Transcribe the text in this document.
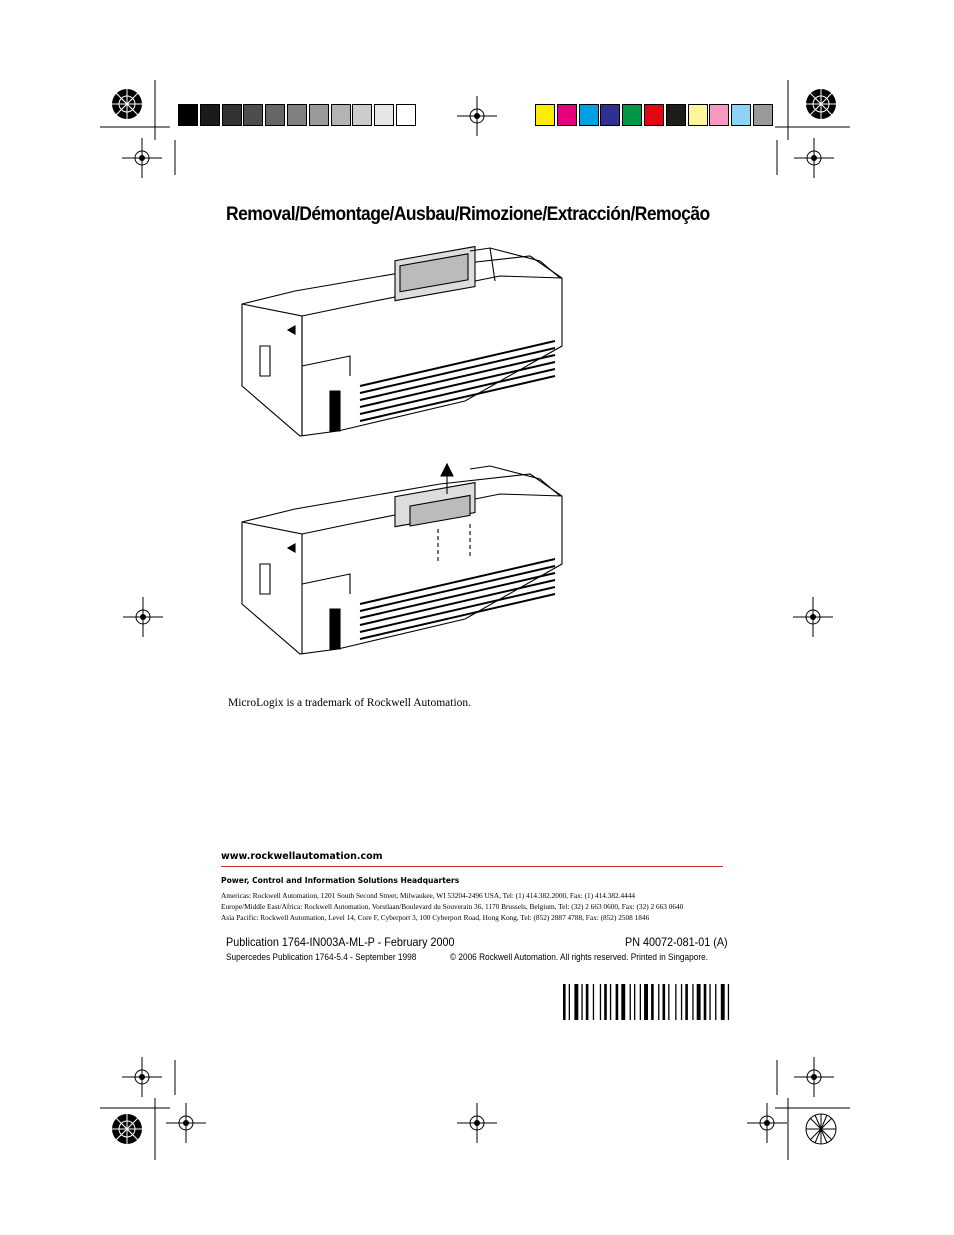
Removal/Démontage/Ausbau/Rimozione/Extracción/Remoção
MicroLogix is a trademark of Rockwell Automation.
www.rockwellautomation.com
Power, Control and Information Solutions Headquarters
Americas: Rockwell Automation, 1201 South Second Street, Milwaukee, WI 53204-2496 USA, Tel: (1) 414.382.2000, Fax: (1) 414.382.4444
Europe/Middle East/Africa: Rockwell Automation, Vorstlaan/Boulevard du Souverain 36, 1170 Brussels, Belgium, Tel: (32) 2 663 0600, Fax: (32) 2 663 0640
Asia Pacific: Rockwell Automation, Level 14, Core F, Cyberport 3, 100 Cyberport Road, Hong Kong, Tel: (852) 2887 4788, Fax: (852) 2508 1846
Publication 1764-IN003A-ML-P - February 2000	PN 40072-081-01 (A)
Supercedes Publication 1764-5.4 - September 1998	© 2006 Rockwell Automation. All rights reserved. Printed in Singapore.
